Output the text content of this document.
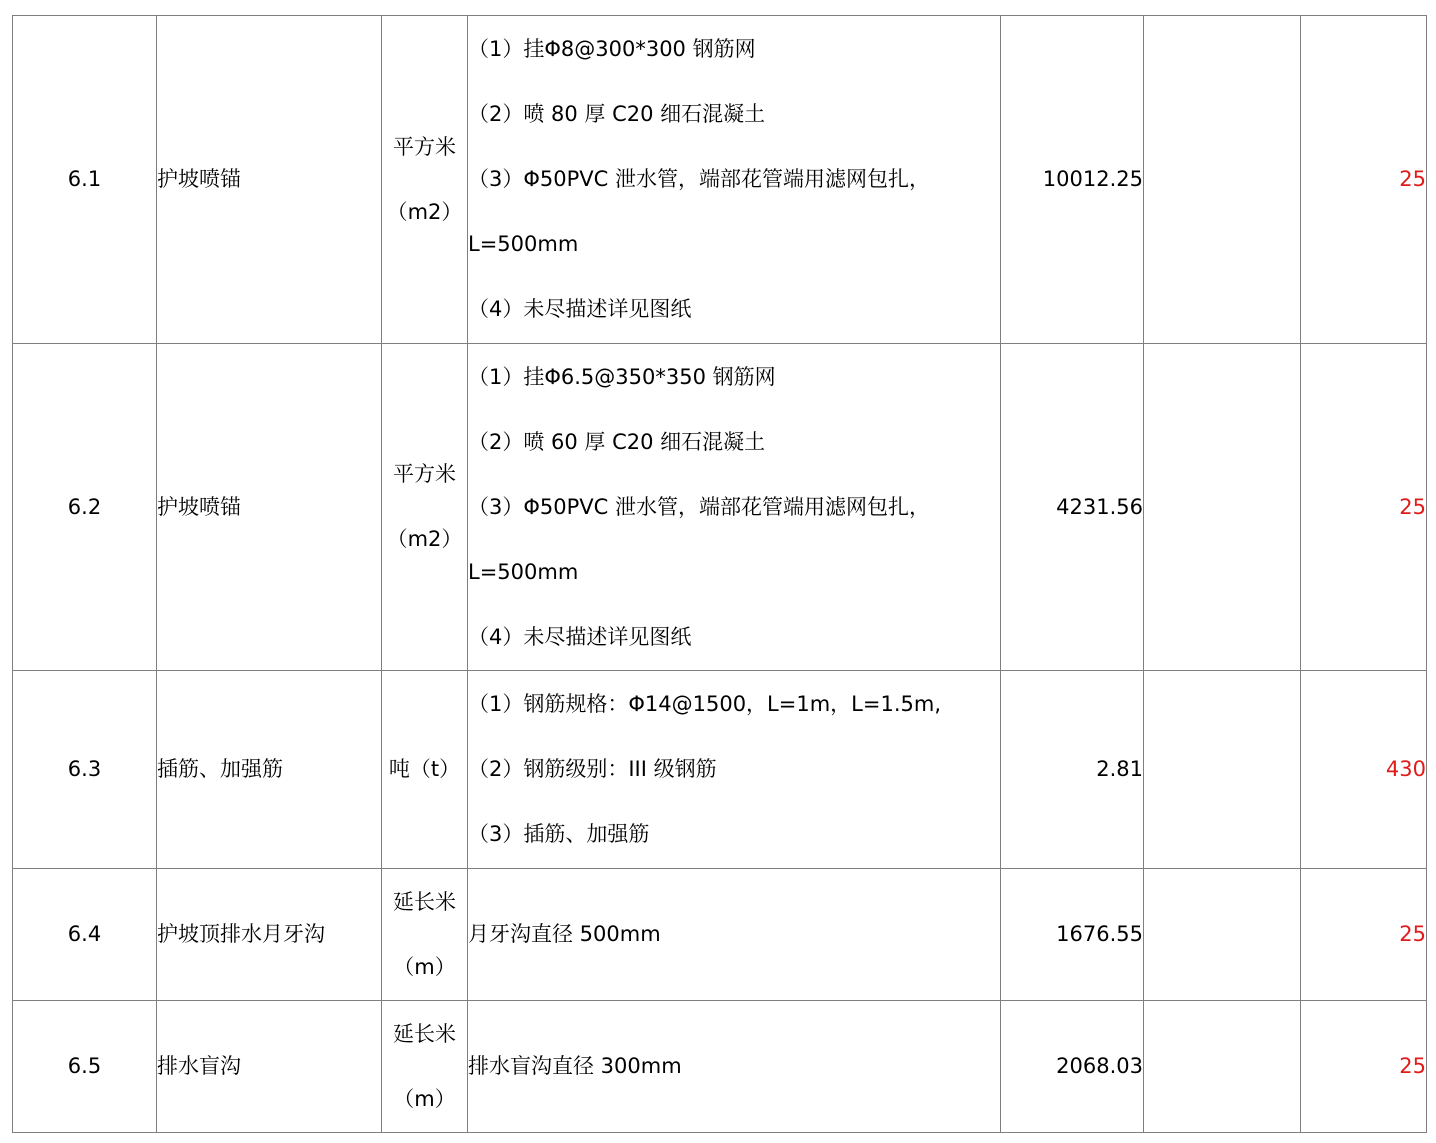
6.1	护坡喷锚	平方米
（m2）	（1）挂Φ8@300*300 钢筋网
（2）喷 80 厚 C20 细石混凝土
（3）Φ50PVC 泄水管，端部花管端用滤网包扎，
L=500mm
（4）未尽描述详见图纸	10012.25		25
6.2	护坡喷锚	平方米
（m2）	（1）挂Φ6.5@350*350 钢筋网
（2）喷 60 厚 C20 细石混凝土
（3）Φ50PVC 泄水管，端部花管端用滤网包扎，
L=500mm
（4）未尽描述详见图纸	4231.56		25
6.3	插筋、加强筋	吨（t）	（1）钢筋规格：Φ14@1500，L=1m，L=1.5m,
（2）钢筋级别：III 级钢筋
（3）插筋、加强筋	2.81		430
6.4	护坡顶排水月牙沟	延长米
（m）	月牙沟直径 500mm	1676.55		25
6.5	排水盲沟	延长米
（m）	排水盲沟直径 300mm	2068.03		25
